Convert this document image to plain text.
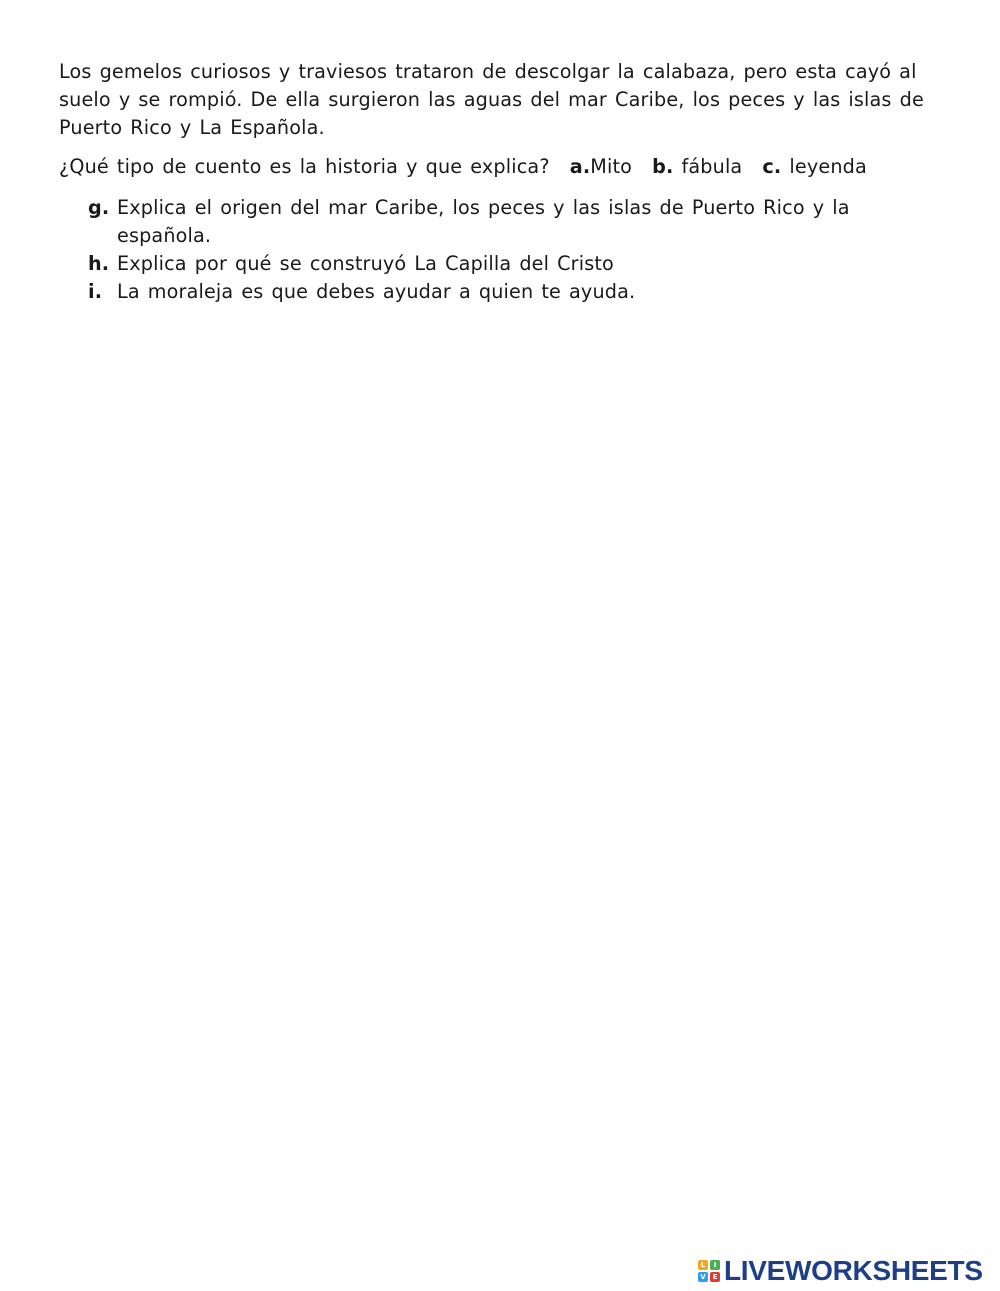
Los gemelos curiosos y traviesos trataron de descolgar la calabaza, pero esta cayó al suelo y se rompió. De ella surgieron las aguas del mar Caribe, los peces y las islas de Puerto Rico y La Española.

¿Qué tipo de cuento es la historia y que explica? a.Mito b. fábula c. leyenda

g. Explica el origen del mar Caribe, los peces y las islas de Puerto Rico y la española.
h. Explica por qué se construyó La Capilla del Cristo
i. La moraleja es que debes ayudar a quien te ayuda.
L	I
V E LIVEWORKSHEETS
